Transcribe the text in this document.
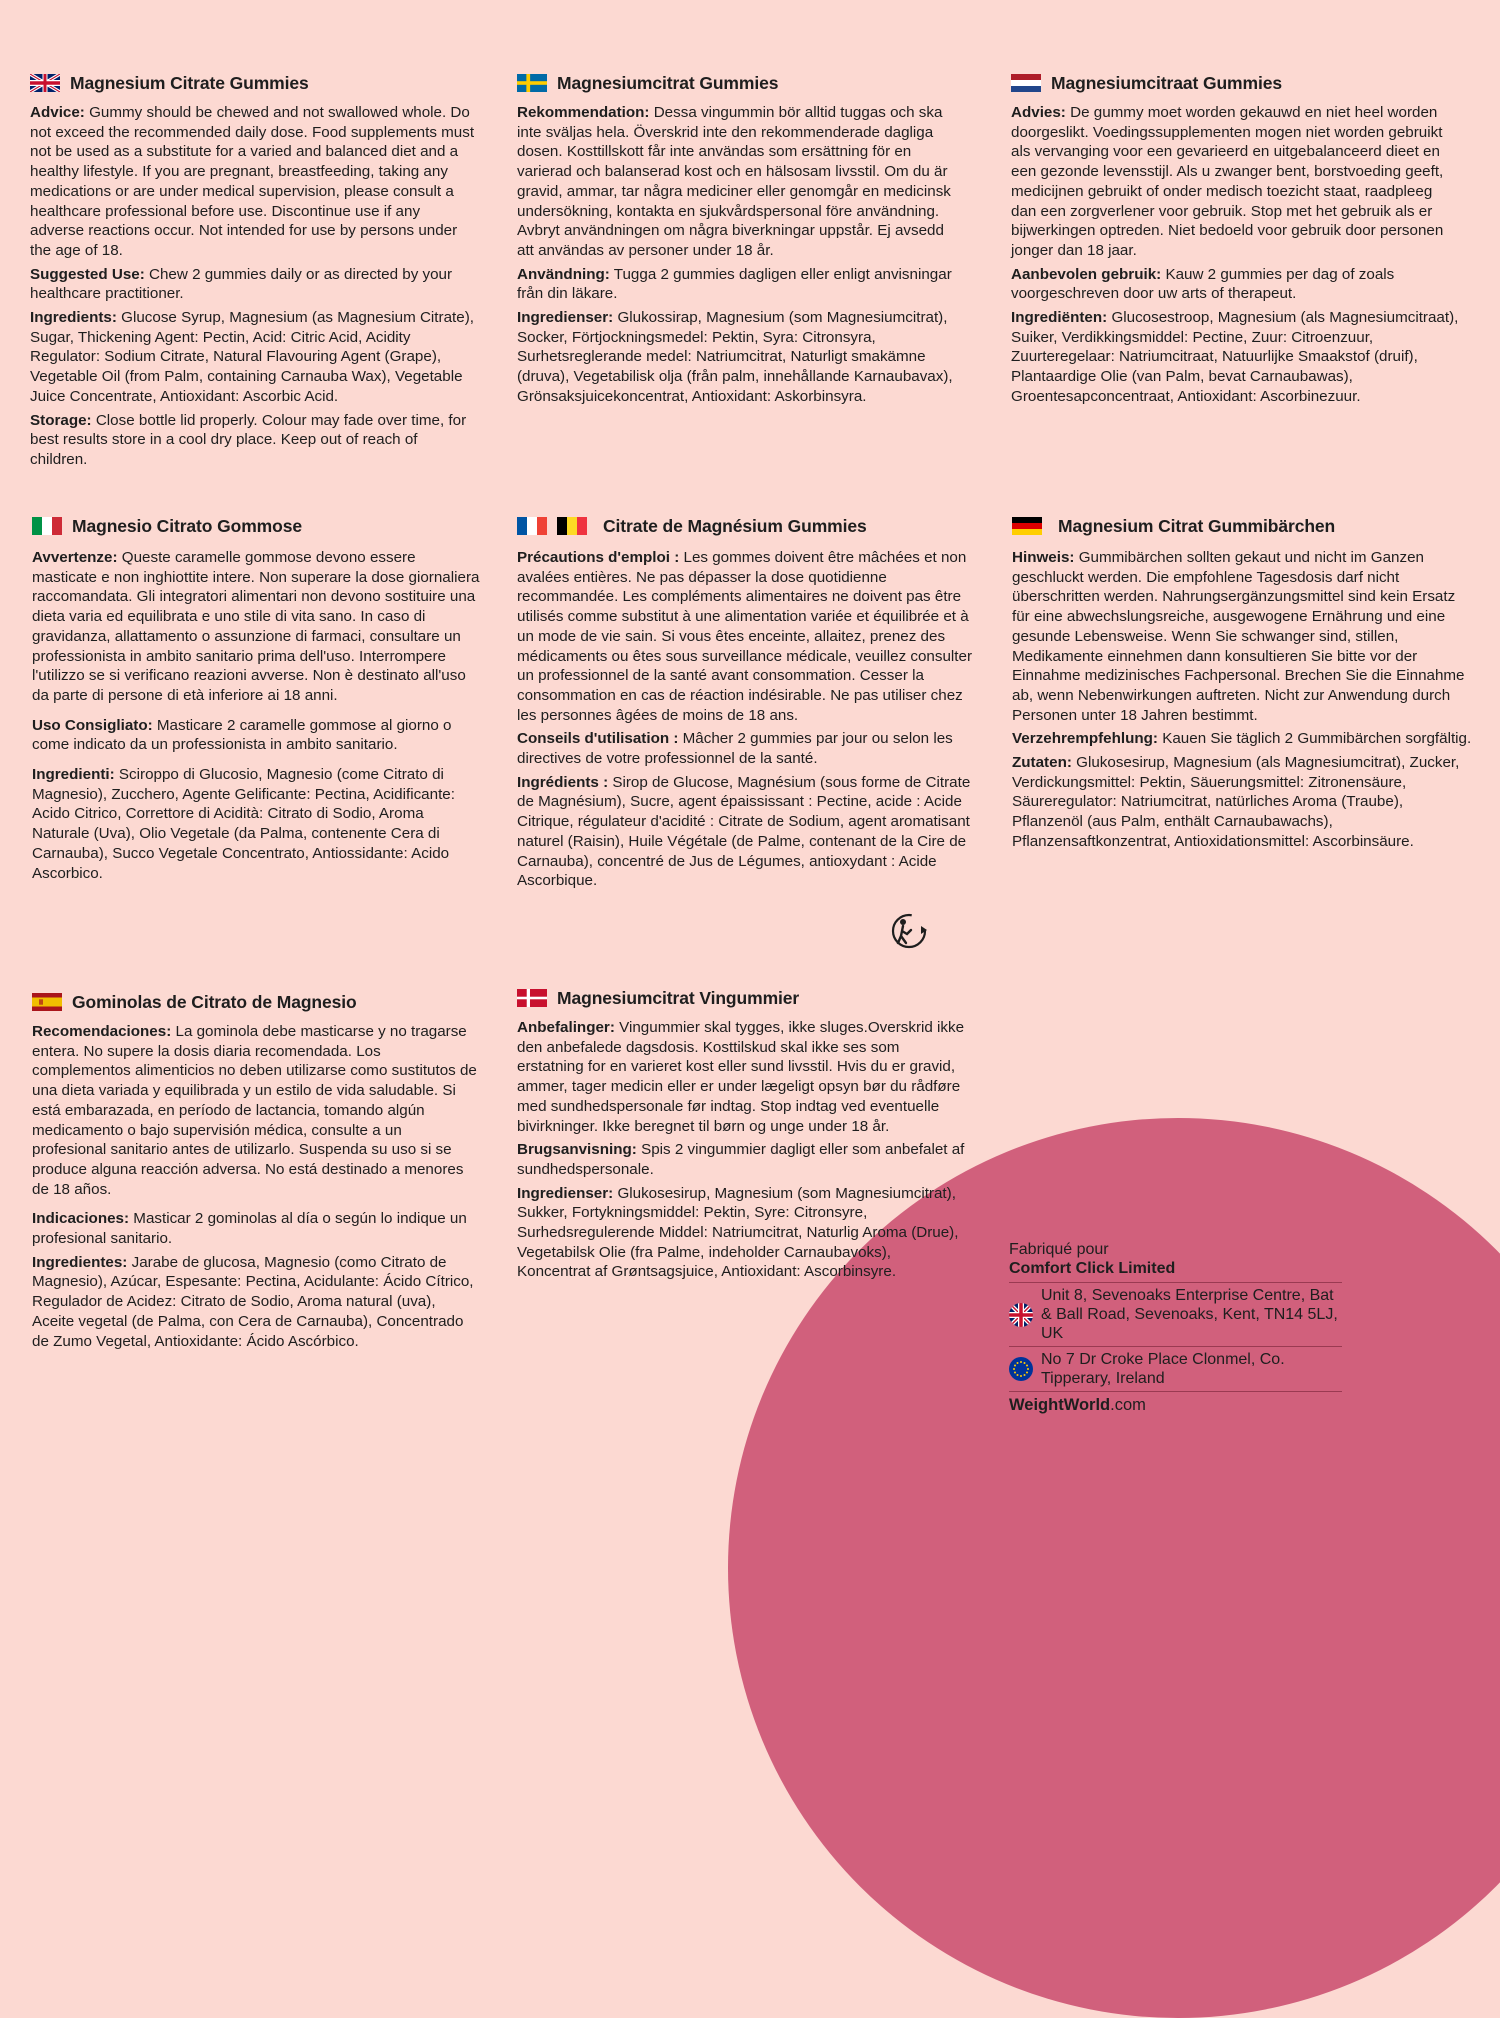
Magnesium Citrate Gummies

Advice: Gummy should be chewed and not swallowed whole. Do not exceed the recommended daily dose. Food supplements must not be used as a substitute for a varied and balanced diet and a healthy lifestyle. If you are pregnant, breastfeeding, taking any medications or are under medical supervision, please consult a healthcare professional before use. Discontinue use if any adverse reactions occur. Not intended for use by persons under the age of 18.

Suggested Use: Chew 2 gummies daily or as directed by your healthcare practitioner.

Ingredients: Glucose Syrup, Magnesium (as Magnesium Citrate), Sugar, Thickening Agent: Pectin, Acid: Citric Acid, Acidity Regulator: Sodium Citrate, Natural Flavouring Agent (Grape), Vegetable Oil (from Palm, containing Carnauba Wax), Vegetable Juice Concentrate, Antioxidant: Ascorbic Acid.

Storage: Close bottle lid properly. Colour may fade over time, for best results store in a cool dry place. Keep out of reach of children.

Magnesiumcitrat Gummies

Rekommendation: Dessa vingummin bör alltid tuggas och ska inte sväljas hela. Överskrid inte den rekommenderade dagliga dosen. Kosttillskott får inte användas som ersättning för en varierad och balanserad kost och en hälsosam livsstil. Om du är gravid, ammar, tar några mediciner eller genomgår en medicinsk undersökning, kontakta en sjukvårdspersonal före användning. Avbryt användningen om några biverkningar uppstår. Ej avsedd att användas av personer under 18 år.

Användning: Tugga 2 gummies dagligen eller enligt anvisningar från din läkare.

Ingredienser: Glukossirap, Magnesium (som Magnesiumcitrat), Socker, Förtjockningsmedel: Pektin, Syra: Citronsyra, Surhetsreglerande medel: Natriumcitrat, Naturligt smakämne (druva), Vegetabilisk olja (från palm, innehållande Karnaubavax), Grönsaksjuicekoncentrat, Antioxidant: Askorbinsyra.

Magnesiumcitraat Gummies

Advies: De gummy moet worden gekauwd en niet heel worden doorgeslikt. Voedingssupplementen mogen niet worden gebruikt als vervanging voor een gevarieerd en uitgebalanceerd dieet en een gezonde levensstijl. Als u zwanger bent, borstvoeding geeft, medicijnen gebruikt of onder medisch toezicht staat, raadpleeg dan een zorgverlener voor gebruik. Stop met het gebruik als er bijwerkingen optreden. Niet bedoeld voor gebruik door personen jonger dan 18 jaar.

Aanbevolen gebruik: Kauw 2 gummies per dag of zoals voorgeschreven door uw arts of therapeut.

Ingrediënten: Glucosestroop, Magnesium (als Magnesiumcitraat), Suiker, Verdikkingsmiddel: Pectine, Zuur: Citroenzuur, Zuurteregelaar: Natriumcitraat, Natuurlijke Smaakstof (druif), Plantaardige Olie (van Palm, bevat Carnaubawas), Groentesapconcentraat, Antioxidant: Ascorbinezuur.

Magnesio Citrato Gommose

Avvertenze: Queste caramelle gommose devono essere masticate e non inghiottite intere. Non superare la dose giornaliera raccomandata. Gli integratori alimentari non devono sostituire una dieta varia ed equilibrata e uno stile di vita sano. In caso di gravidanza, allattamento o assunzione di farmaci, consultare un professionista in ambito sanitario prima dell'uso. Interrompere l'utilizzo se si verificano reazioni avverse. Non è destinato all'uso da parte di persone di età inferiore ai 18 anni.

Uso Consigliato: Masticare 2 caramelle gommose al giorno o come indicato da un professionista in ambito sanitario.

Ingredienti: Sciroppo di Glucosio, Magnesio (come Citrato di Magnesio), Zucchero, Agente Gelificante: Pectina, Acidificante: Acido Citrico, Correttore di Acidità: Citrato di Sodio, Aroma Naturale (Uva), Olio Vegetale (da Palma, contenente Cera di Carnauba), Succo Vegetale Concentrato, Antiossidante: Acido Ascorbico.

Citrate de Magnésium Gummies

Précautions d'emploi : Les gommes doivent être mâchées et non avalées entières. Ne pas dépasser la dose quotidienne recommandée. Les compléments alimentaires ne doivent pas être utilisés comme substitut à une alimentation variée et équilibrée et à un mode de vie sain. Si vous êtes enceinte, allaitez, prenez des médicaments ou êtes sous surveillance médicale, veuillez consulter un professionnel de la santé avant consommation. Cesser la consommation en cas de réaction indésirable. Ne pas utiliser chez les personnes âgées de moins de 18 ans.

Conseils d'utilisation : Mâcher 2 gummies par jour ou selon les directives de votre professionnel de la santé.

Ingrédients : Sirop de Glucose, Magnésium (sous forme de Citrate de Magnésium), Sucre, agent épaississant : Pectine, acide : Acide Citrique, régulateur d'acidité : Citrate de Sodium, agent aromatisant naturel (Raisin), Huile Végétale (de Palme, contenant de la Cire de Carnauba), concentré de Jus de Légumes, antioxydant : Acide Ascorbique.

Magnesium Citrat Gummibärchen

Hinweis: Gummibärchen sollten gekaut und nicht im Ganzen geschluckt werden. Die empfohlene Tagesdosis darf nicht überschritten werden. Nahrungsergänzungsmittel sind kein Ersatz für eine abwechslungsreiche, ausgewogene Ernährung und eine gesunde Lebensweise. Wenn Sie schwanger sind, stillen, Medikamente einnehmen dann konsultieren Sie bitte vor der Einnahme medizinisches Fachpersonal. Brechen Sie die Einnahme ab, wenn Nebenwirkungen auftreten. Nicht zur Anwendung durch Personen unter 18 Jahren bestimmt.

Verzehrempfehlung: Kauen Sie täglich 2 Gummibärchen sorgfältig.

Zutaten: Glukosesirup, Magnesium (als Magnesiumcitrat), Zucker, Verdickungsmittel: Pektin, Säuerungsmittel: Zitronensäure, Säureregulator: Natriumcitrat, natürliches Aroma (Traube), Pflanzenöl (aus Palm, enthält Carnaubawachs), Pflanzensaftkonzentrat, Antioxidationsmittel: Ascorbinsäure.

Gominolas de Citrato de Magnesio

Recomendaciones: La gominola debe masticarse y no tragarse entera. No supere la dosis diaria recomendada. Los complementos alimenticios no deben utilizarse como sustitutos de una dieta variada y equilibrada y un estilo de vida saludable. Si está embarazada, en período de lactancia, tomando algún medicamento o bajo supervisión médica, consulte a un profesional sanitario antes de utilizarlo. Suspenda su uso si se produce alguna reacción adversa. No está destinado a menores de 18 años.

Indicaciones: Masticar 2 gominolas al día o según lo indique un profesional sanitario.

Ingredientes: Jarabe de glucosa, Magnesio (como Citrato de Magnesio), Azúcar, Espesante: Pectina, Acidulante: Ácido Cítrico, Regulador de Acidez: Citrato de Sodio, Aroma natural (uva), Aceite vegetal (de Palma, con Cera de Carnauba), Concentrado de Zumo Vegetal, Antioxidante: Ácido Ascórbico.

Magnesiumcitrat Vingummier

Anbefalinger: Vingummier skal tygges, ikke sluges.Overskrid ikke den anbefalede dagsdosis. Kosttilskud skal ikke ses som erstatning for en varieret kost eller sund livsstil. Hvis du er gravid, ammer, tager medicin eller er under lægeligt opsyn bør du rådføre med sundhedspersonale før indtag. Stop indtag ved eventuelle bivirkninger. Ikke beregnet til børn og unge under 18 år.

Brugsanvisning: Spis 2 vingummier dagligt eller som anbefalet af sundhedspersonale.

Ingredienser: Glukosesirup, Magnesium (som Magnesiumcitrat), Sukker, Fortykningsmiddel: Pektin, Syre: Citronsyre, Surhedsregulerende Middel: Natriumcitrat, Naturlig Aroma (Drue), Vegetabilsk Olie (fra Palme, indeholder Carnaubavoks), Koncentrat af Grøntsagsjuice, Antioxidant: Ascorbinsyre.

Fabriqué pour
Comfort Click Limited
Unit 8, Sevenoaks Enterprise Centre, Bat & Ball Road, Sevenoaks, Kent, TN14 5LJ, UK
No 7 Dr Croke Place Clonmel, Co. Tipperary, Ireland
WeightWorld.com
